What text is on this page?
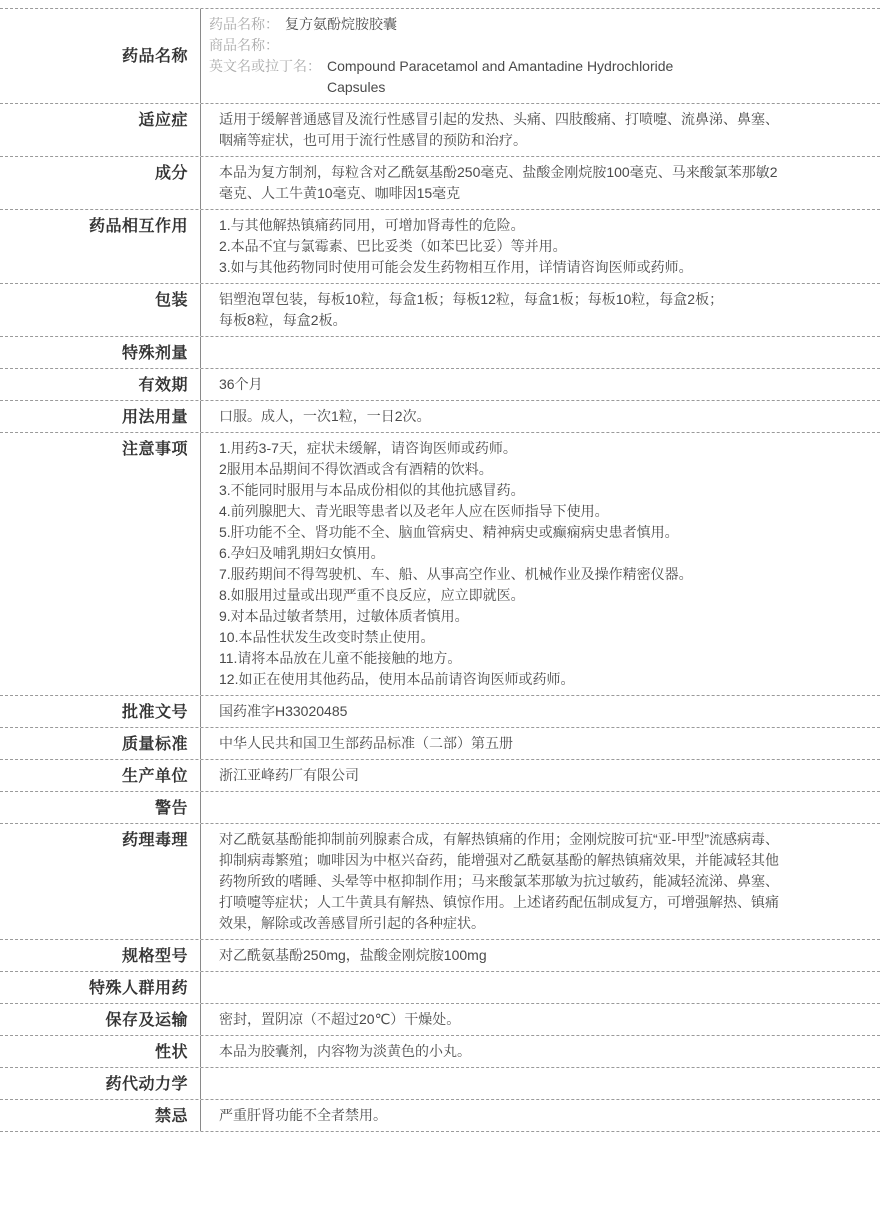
药品名称
药品名称： 复方氨酚烷胺胶囊
商品名称：
英文名或拉丁名： Compound Paracetamol and Amantadine Hydrochloride Capsules
适应症	适用于缓解普通感冒及流行性感冒引起的发热、头痛、四肢酸痛、打喷嚏、流鼻涕、鼻塞、咽痛等症状，也可用于流行性感冒的预防和治疗。
成分	本品为复方制剂，每粒含对乙酰氨基酚250毫克、盐酸金刚烷胺100毫克、马来酸氯苯那敏2毫克、人工牛黄10毫克、咖啡因15毫克
药品相互作用	1.与其他解热镇痛药同用，可增加肾毒性的危险。
2.本品不宜与氯霉素、巴比妥类（如苯巴比妥）等并用。
3.如与其他药物同时使用可能会发生药物相互作用，详情请咨询医师或药师。
包装	铝塑泡罩包装，每板10粒，每盒1板；每板12粒，每盒1板；每板10粒，每盒2板；
每板8粒，每盒2板。
特殊剂量
有效期	36个月
用法用量	口服。成人，一次1粒，一日2次。
注意事项	1.用药3-7天，症状未缓解，请咨询医师或药师。
2服用本品期间不得饮酒或含有酒精的饮料。
3.不能同时服用与本品成份相似的其他抗感冒药。
4.前列腺肥大、青光眼等患者以及老年人应在医师指导下使用。
5.肝功能不全、肾功能不全、脑血管病史、精神病史或癫痫病史患者慎用。
6.孕妇及哺乳期妇女慎用。
7.服药期间不得驾驶机、车、船、从事高空作业、机械作业及操作精密仪器。
8.如服用过量或出现严重不良反应，应立即就医。
9.对本品过敏者禁用，过敏体质者慎用。
10.本品性状发生改变时禁止使用。
11.请将本品放在儿童不能接触的地方。
12.如正在使用其他药品，使用本品前请咨询医师或药师。
批准文号	国药准字H33020485
质量标准	中华人民共和国卫生部药品标准（二部）第五册
生产单位	浙江亚峰药厂有限公司
警告
药理毒理	对乙酰氨基酚能抑制前列腺素合成，有解热镇痛的作用；金刚烷胺可抗“亚-甲型”流感病毒、抑制病毒繁殖；咖啡因为中枢兴奋药，能增强对乙酰氨基酚的解热镇痛效果，并能减轻其他药物所致的嗜睡、头晕等中枢抑制作用；马来酸氯苯那敏为抗过敏药，能减轻流涕、鼻塞、打喷嚏等症状；人工牛黄具有解热、镇惊作用。上述诸药配伍制成复方，可增强解热、镇痛效果，解除或改善感冒所引起的各种症状。
规格型号	对乙酰氨基酚250mg，盐酸金刚烷胺100mg
特殊人群用药
保存及运输	密封，置阴凉（不超过20℃）干燥处。
性状	本品为胶囊剂，内容物为淡黄色的小丸。
药代动力学
禁忌	严重肝肾功能不全者禁用。
